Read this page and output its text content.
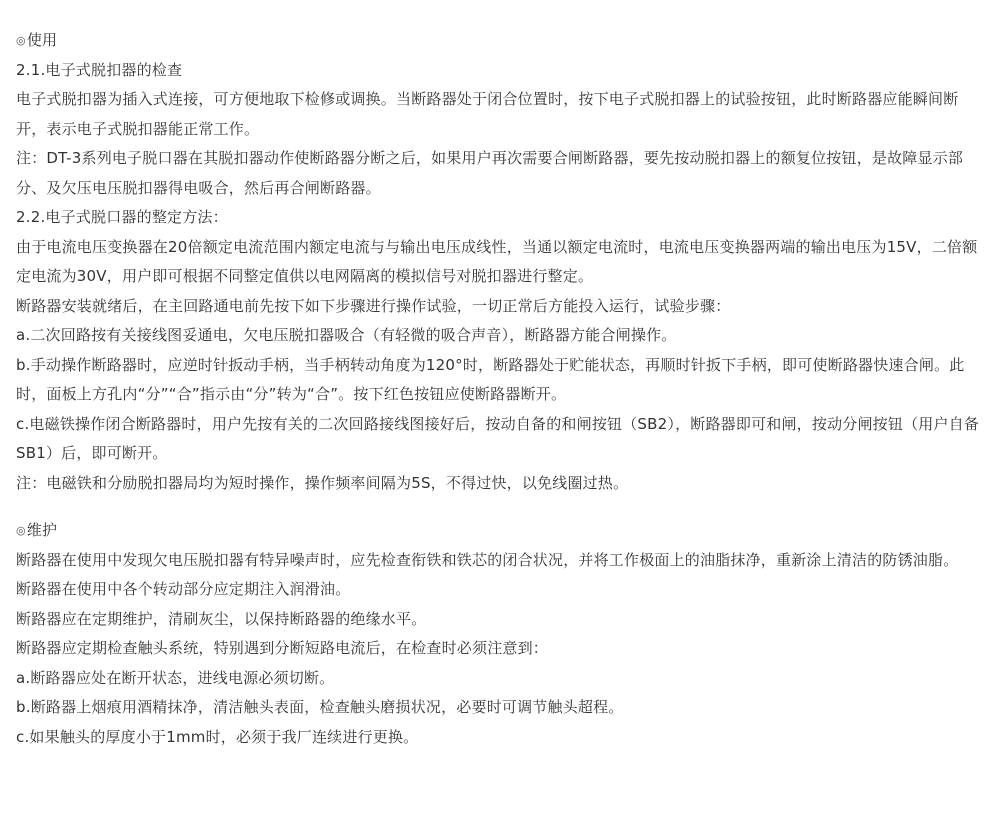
◎使用
2.1.电子式脱扣器的检查
电子式脱扣器为插入式连接，可方便地取下检修或调换。当断路器处于闭合位置时，按下电子式脱扣器上的试验按钮，此时断路器应能瞬间断开，表示电子式脱扣器能正常工作。
注：DT-3系列电子脱口器在其脱扣器动作使断路器分断之后，如果用户再次需要合闸断路器，要先按动脱扣器上的额复位按钮，是故障显示部分、及欠压电压脱扣器得电吸合，然后再合闸断路器。
2.2.电子式脱口器的整定方法：
由于电流电压变换器在20倍额定电流范围内额定电流与与输出电压成线性，当通以额定电流时，电流电压变换器两端的输出电压为15V，二倍额定电流为30V，用户即可根据不同整定值供以电网隔离的模拟信号对脱扣器进行整定。
断路器安装就绪后，在主回路通电前先按下如下步骤进行操作试验，一切正常后方能投入运行，试验步骤：
a.二次回路按有关接线图妥通电，欠电压脱扣器吸合（有轻微的吸合声音），断路器方能合闸操作。
b.手动操作断路器时，应逆时针扳动手柄，当手柄转动角度为120°时，断路器处于贮能状态，再顺时针扳下手柄，即可使断路器快速合闸。此时，面板上方孔内“分”“合”指示由“分”转为“合”。按下红色按钮应使断路器断开。
c.电磁铁操作闭合断路器时，用户先按有关的二次回路接线图接好后，按动自备的和闸按钮（SB2），断路器即可和闸，按动分闸按钮（用户自备SB1）后，即可断开。
注：电磁铁和分励脱扣器局均为短时操作，操作频率间隔为5S，不得过快，以免线圈过热。
◎维护
断路器在使用中发现欠电压脱扣器有特异噪声时，应先检查衔铁和铁芯的闭合状况，并将工作极面上的油脂抹净，重新涂上清洁的防锈油脂。
断路器在使用中各个转动部分应定期注入润滑油。
断路器应在定期维护，清刷灰尘，以保持断路器的绝缘水平。
断路器应定期检查触头系统，特别遇到分断短路电流后，在检查时必须注意到：
a.断路器应处在断开状态，进线电源必须切断。
b.断路器上烟痕用酒精抹净，清洁触头表面，检查触头磨损状况，必要时可调节触头超程。
c.如果触头的厚度小于1mm时，必须于我厂连续进行更换。
